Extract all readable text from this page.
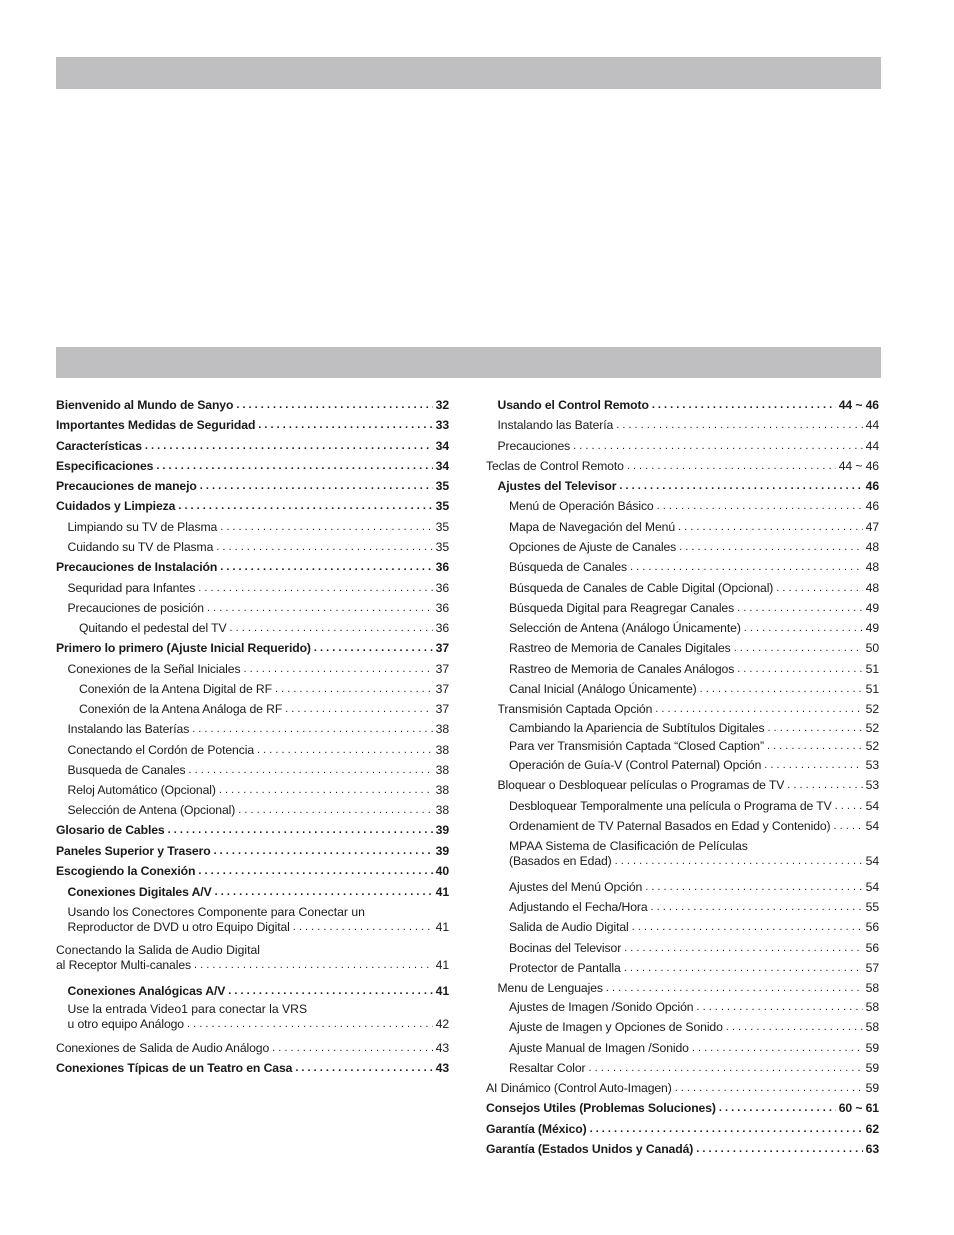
Bienvenido al Mundo de Sanyo . . .	32
Importantes Medidas de Seguridad . . .	33
Características . . .	34
Especificaciones . . .	34
Precauciones de manejo . . .	35
Cuidados y Limpieza . . .	35
Limpiando su TV de Plasma . . .	35
Cuidando su TV de Plasma . . .	35
Precauciones de Instalación . . .	36
Sequridad para Infantes . . .	36
Precauciones de posición . . .	36
Quitando el pedestal del TV . . .	36
Primero lo primero (Ajuste Inicial Requerido) . . .	37
Conexiones de la Señal Iniciales . . .	37
Conexión de la Antena Digital de RF . . .	37
Conexión de la Antena Análoga de RF . . .	37
Instalando las Baterías . . .	38
Conectando el Cordón de Potencia . . .	38
Busqueda de Canales . . .	38
Reloj Automático (Opcional) . . .	38
Selección de Antena (Opcional) . . .	38
Glosario de Cables . . .	39
Paneles Superior y Trasero . . .	39
Escogiendo la Conexión . . .	40
Conexiones Digitales A/V . . .	41
Usando los Conectores Componente para Conectar un
Reproductor de DVD u otro Equipo Digital . . .	41
Conectando la Salida de Audio Digital
al Receptor Multi-canales . . .	41
Conexiones Analógicas A/V . . .	41
Use la entrada Video1 para conectar la VRS
u otro equipo Análogo . . .	42
Conexiones de Salida de Audio Análogo . . .	43
Conexiones Típicas de un Teatro en Casa . . .	43
Usando el Control Remoto . . .	44 ~ 46
Instalando las Batería . . .	44
Precauciones . . .	44
Teclas de Control Remoto . . .	44 ~ 46
Ajustes del Televisor . . .	46
Menú de Operación Básico . . .	46
Mapa de Navegación del Menú . . .	47
Opciones de Ajuste de Canales . . .	48
Búsqueda de Canales . . .	48
Búsqueda de Canales de Cable Digital (Opcional) . . .	48
Búsqueda Digital para Reagregar Canales . . .	49
Selección de Antena (Análogo Únicamente) . . .	49
Rastreo de Memoria de Canales Digitales . . .	50
Rastreo de Memoria de Canales Análogos . . .	51
Canal Inicial (Análogo Únicamente) . . .	51
Transmisión Captada Opción . . .	52
Cambiando la Apariencia de Subtítulos Digitales . . .	52
Para ver Transmisión Captada “Closed Caption” . . .	52
Operación de Guía-V (Control Paternal) Opción . . .	53
Bloquear o Desbloquear películas o Programas de TV . . .	53
Desbloquear Temporalmente una película o Programa de TV . . .	54
Ordenamient de TV Paternal Basados en Edad y Contenido) . . .	54
MPAA Sistema de Clasificación de Películas
(Basados en Edad) . . .	54
Ajustes del Menú Opción . . .	54
Adjustando el Fecha/Hora . . .	55
Salida de Audio Digital . . .	56
Bocinas del Televisor . . .	56
Protector de Pantalla . . .	57
Menu de Lenguajes . . .	58
Ajustes de Imagen /Sonido Opción . . .	58
Ajuste de Imagen y Opciones de Sonido . . .	58
Ajuste Manual de Imagen /Sonido . . .	59
Resaltar Color . . .	59
AI Dinámico (Control Auto-Imagen) . . .	59
Consejos Utiles (Problemas Soluciones) . . .	60 ~ 61
Garantía (México) . . .	62
Garantía (Estados Unidos y Canadá) . . .	63
